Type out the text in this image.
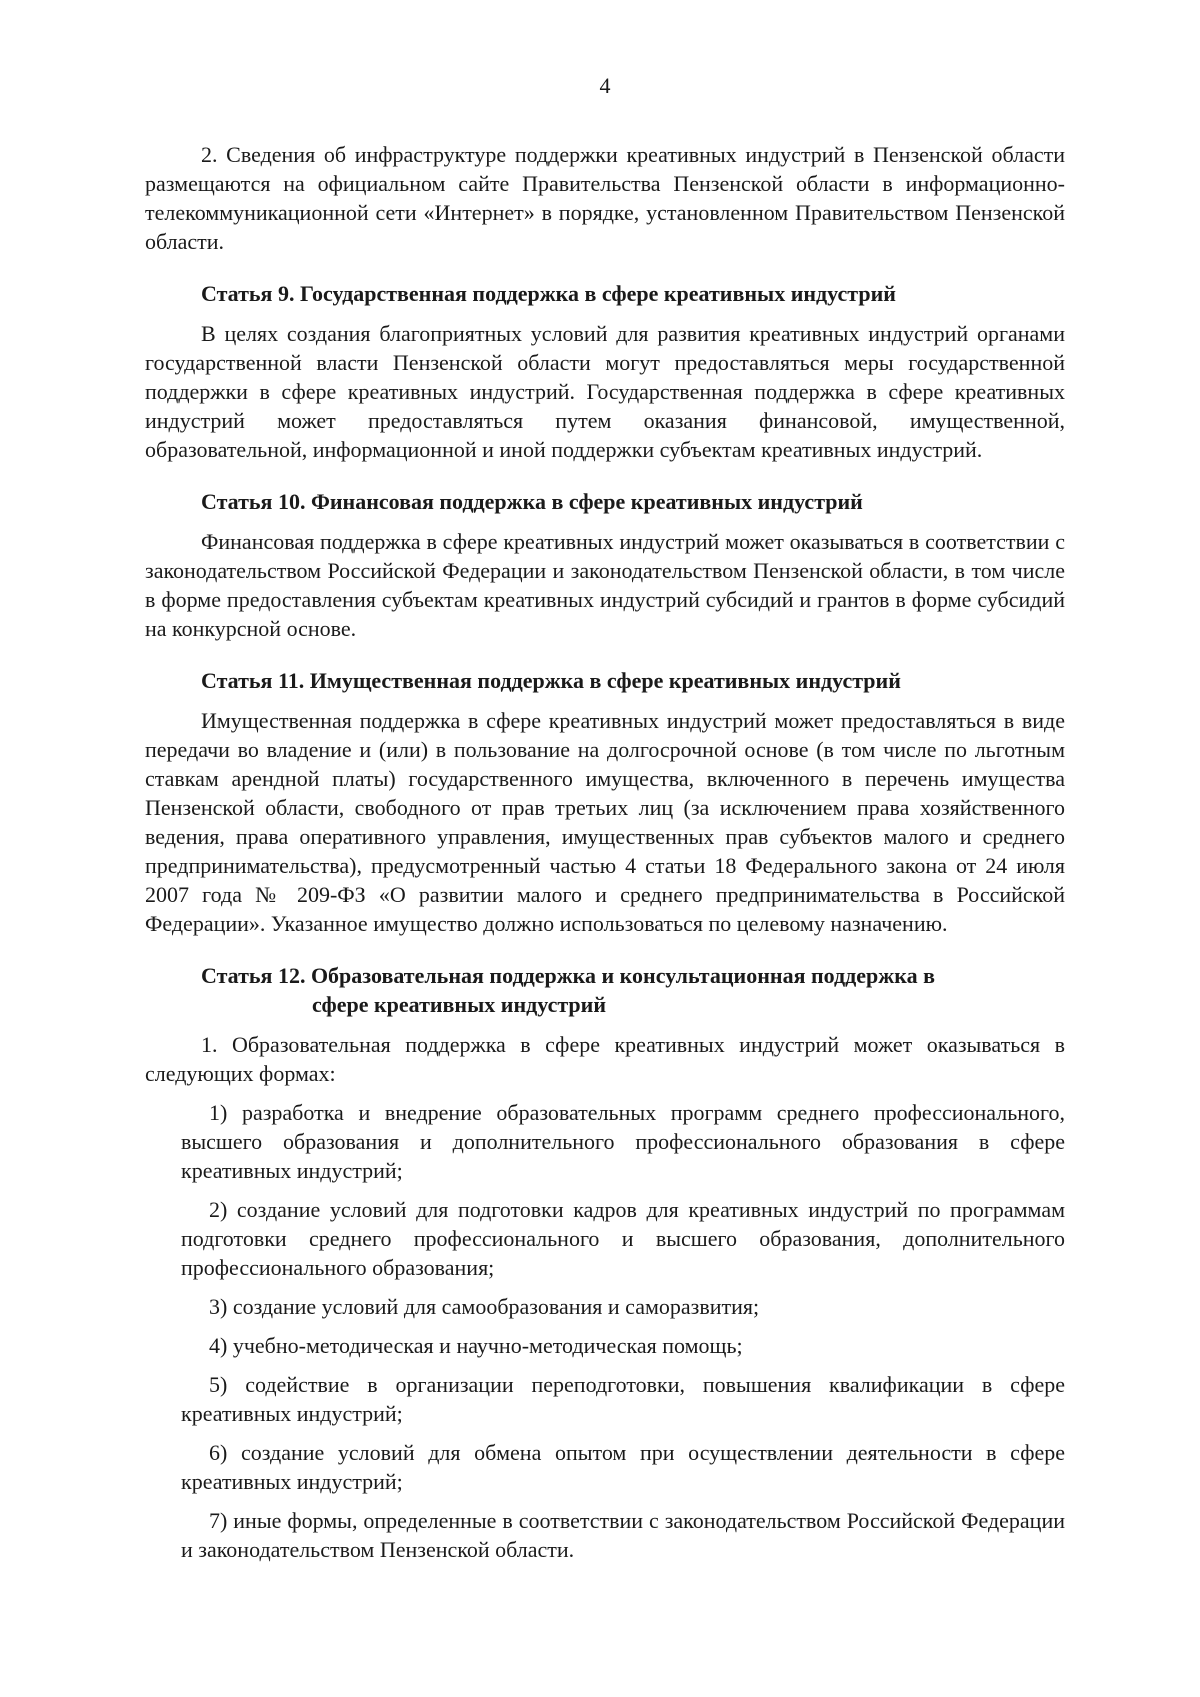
4

2. Сведения об инфраструктуре поддержки креативных индустрий в Пензенской области размещаются на официальном сайте Правительства Пензенской области в информационно-телекоммуникационной сети «Интернет» в порядке, установленном Правительством Пензенской области.

Статья 9. Государственная поддержка в сфере креативных индустрий

В целях создания благоприятных условий для развития креативных индустрий органами государственной власти Пензенской области могут предоставляться меры государственной поддержки в сфере креативных индустрий. Государственная поддержка в сфере креативных индустрий может предоставляться путем оказания финансовой, имущественной, образовательной, информационной и иной поддержки субъектам креативных индустрий.

Статья 10. Финансовая поддержка в сфере креативных индустрий

Финансовая поддержка в сфере креативных индустрий может оказываться в соответствии с законодательством Российской Федерации и законодательством Пензенской области, в том числе в форме предоставления субъектам креативных индустрий субсидий и грантов в форме субсидий на конкурсной основе.

Статья 11. Имущественная поддержка в сфере креативных индустрий

Имущественная поддержка в сфере креативных индустрий может предоставляться в виде передачи во владение и (или) в пользование на долгосрочной основе (в том числе по льготным ставкам арендной платы) государственного имущества, включенного в перечень имущества Пензенской области, свободного от прав третьих лиц (за исключением права хозяйственного ведения, права оперативного управления, имущественных прав субъектов малого и среднего предпринимательства), предусмотренный частью 4 статьи 18 Федерального закона от 24 июля 2007 года № 209-ФЗ «О развитии малого и среднего предпринимательства в Российской Федерации». Указанное имущество должно использоваться по целевому назначению.

Статья 12. Образовательная поддержка и консультационная поддержка в
сфере креативных индустрий

1. Образовательная поддержка в сфере креативных индустрий может оказываться в следующих формах:

1) разработка и внедрение образовательных программ среднего профессионального, высшего образования и дополнительного профессионального образования в сфере креативных индустрий;
2) создание условий для подготовки кадров для креативных индустрий по программам подготовки среднего профессионального и высшего образования, дополнительного профессионального образования;
3) создание условий для самообразования и саморазвития;
4) учебно-методическая и научно-методическая помощь;
5) содействие в организации переподготовки, повышения квалификации в сфере креативных индустрий;
6) создание условий для обмена опытом при осуществлении деятельности в сфере креативных индустрий;
7) иные формы, определенные в соответствии с законодательством Российской Федерации и законодательством Пензенской области.
